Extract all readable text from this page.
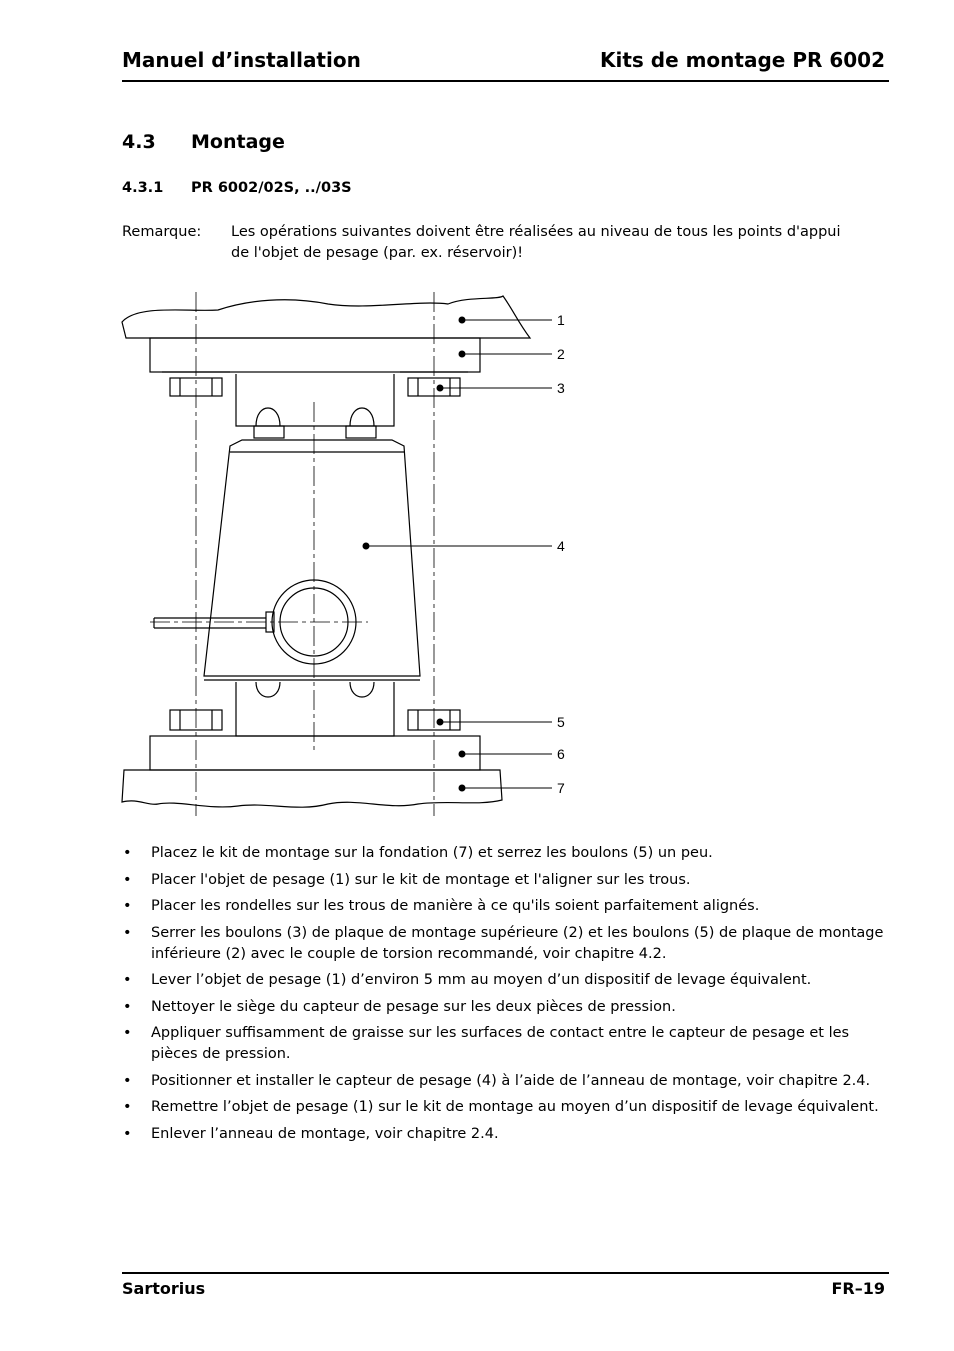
Manuel d’installation	Kits de montage PR 6002
4.3 Montage
4.3.1 PR 6002/02S, ../03S
Remarque: Les opérations suivantes doivent être réalisées au niveau de tous les points d'appui de l'objet de pesage (par. ex. réservoir)!
1
2
3
4
5
6
7
• Placez le kit de montage sur la fondation (7) et serrez les boulons (5) un peu.
• Placer l'objet de pesage (1) sur le kit de montage et l'aligner sur les trous.
• Placer les rondelles sur les trous de manière à ce qu'ils soient parfaitement alignés.
• Serrer les boulons (3) de plaque de montage supérieure (2) et les boulons (5) de plaque de montage inférieure (2) avec le couple de torsion recommandé, voir chapitre 4.2.
• Lever l’objet de pesage (1) d’environ 5 mm au moyen d’un dispositif de levage équivalent.
• Nettoyer le siège du capteur de pesage sur les deux pièces de pression.
• Appliquer suffisamment de graisse sur les surfaces de contact entre le capteur de pesage et les pièces de pression.
• Positionner et installer le capteur de pesage (4) à l’aide de l’anneau de montage, voir chapitre 2.4.
• Remettre l’objet de pesage (1) sur le kit de montage au moyen d’un dispositif de levage équivalent.
• Enlever l’anneau de montage, voir chapitre 2.4.
Sartorius	FR–19
